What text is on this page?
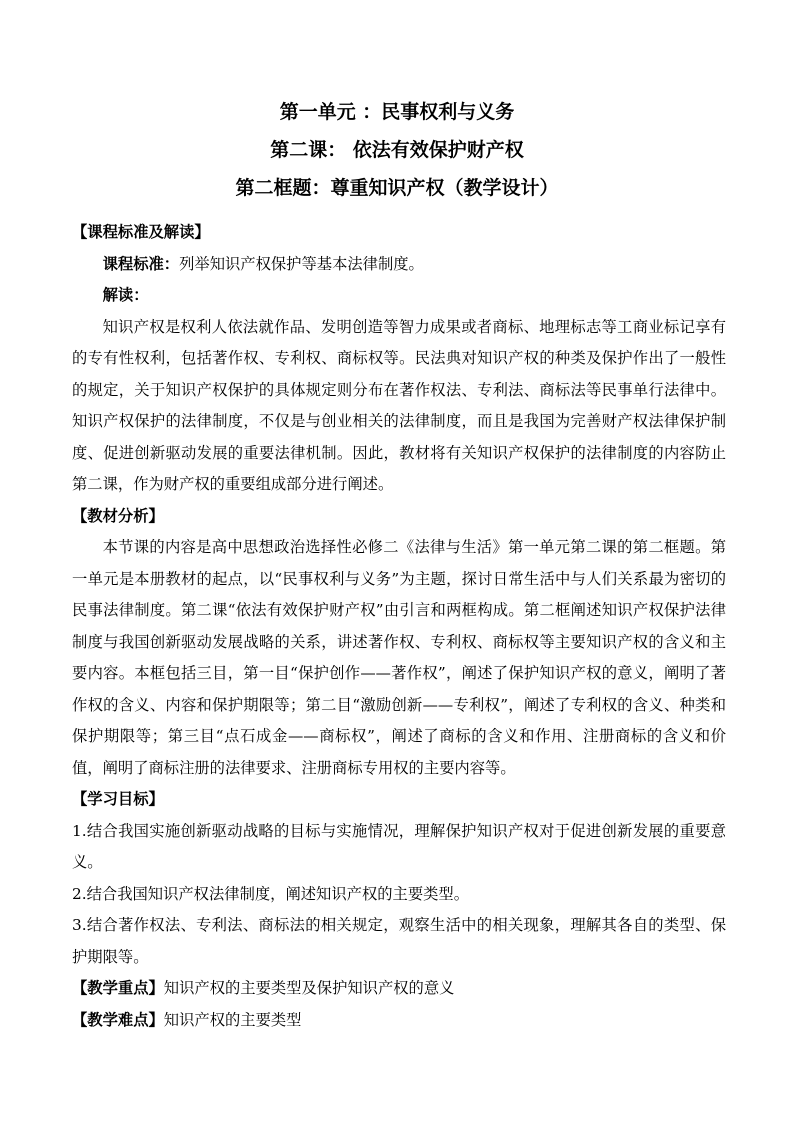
第一单元 ：民事权利与义务
第二课： 依法有效保护财产权
第二框题：尊重知识产权（教学设计）

【课程标准及解读】

课程标准：列举知识产权保护等基本法律制度。

解读：

知识产权是权利人依法就作品、发明创造等智力成果或者商标、地理标志等工商业标记享有的专有性权利，包括著作权、专利权、商标权等。民法典对知识产权的种类及保护作出了一般性的规定，关于知识产权保护的具体规定则分布在著作权法、专利法、商标法等民事单行法律中。知识产权保护的法律制度，不仅是与创业相关的法律制度，而且是我国为完善财产权法律保护制度、促进创新驱动发展的重要法律机制。因此，教材将有关知识产权保护的法律制度的内容防止第二课，作为财产权的重要组成部分进行阐述。

【教材分析】

本节课的内容是高中思想政治选择性必修二《法律与生活》第一单元第二课的第二框题。第一单元是本册教材的起点，以“民事权利与义务”为主题，探讨日常生活中与人们关系最为密切的民事法律制度。第二课“依法有效保护财产权”由引言和两框构成。第二框阐述知识产权保护法律制度与我国创新驱动发展战略的关系，讲述著作权、专利权、商标权等主要知识产权的含义和主要内容。本框包括三目，第一目“保护创作——著作权”，阐述了保护知识产权的意义，阐明了著作权的含义、内容和保护期限等；第二目“激励创新——专利权”，阐述了专利权的含义、种类和保护期限等；第三目“点石成金——商标权”，阐述了商标的含义和作用、注册商标的含义和价值，阐明了商标注册的法律要求、注册商标专用权的主要内容等。

【学习目标】

1.结合我国实施创新驱动战略的目标与实施情况，理解保护知识产权对于促进创新发展的重要意义。

2.结合我国知识产权法律制度，阐述知识产权的主要类型。

3.结合著作权法、专利法、商标法的相关规定，观察生活中的相关现象，理解其各自的类型、保护期限等。

【教学重点】知识产权的主要类型及保护知识产权的意义

【教学难点】知识产权的主要类型
